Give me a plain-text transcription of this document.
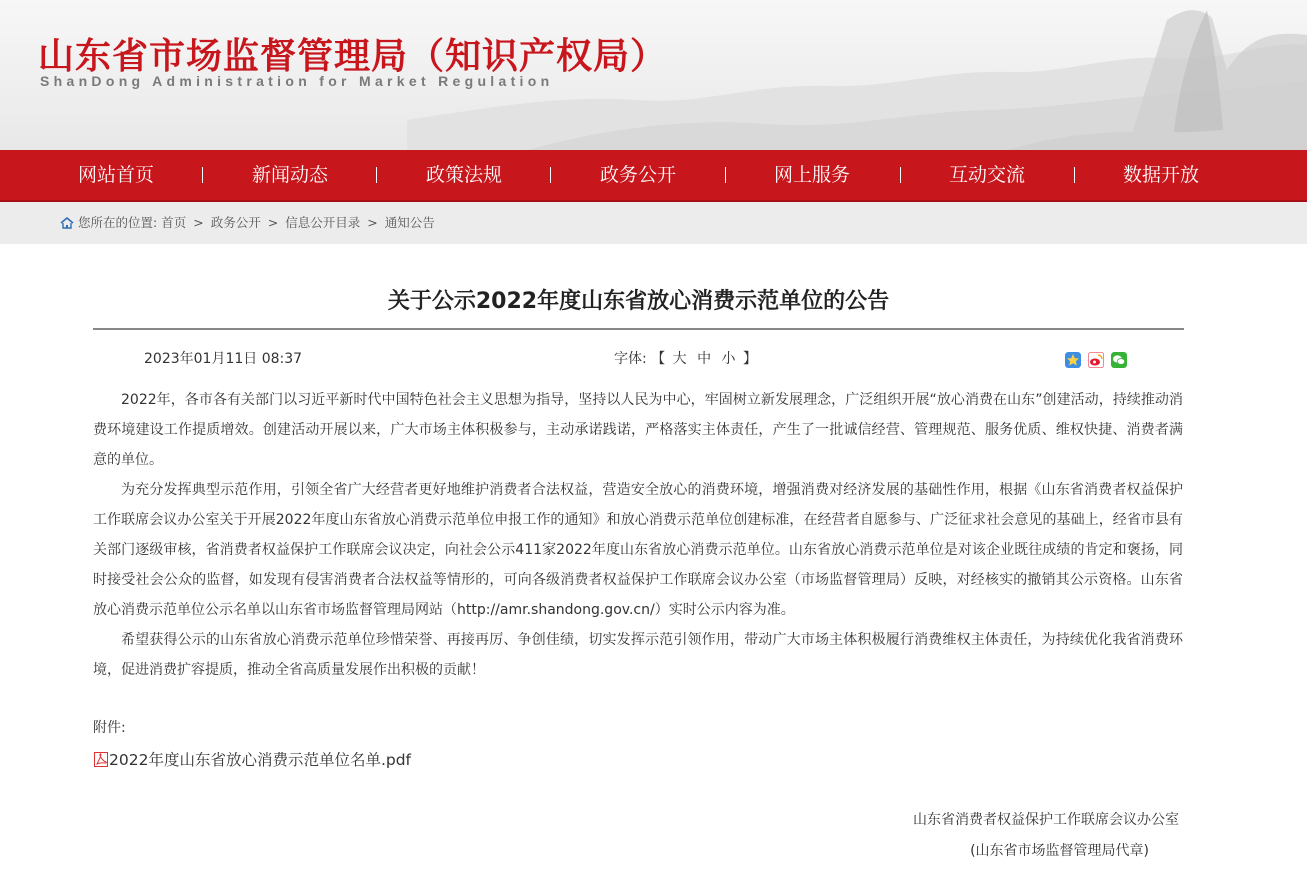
山东省市场监督管理局（知识产权局）
ShanDong Administration for Market Regulation
网站首页	新闻动态	政策法规	政务公开	网上服务	互动交流	数据开放
您所在的位置: 首页 > 政务公开 > 信息公开目录 > 通知公告
关于公示2022年度山东省放心消费示范单位的公告
2023年01月11日 08:37	字体: 【 大 中 小 】

2022年，各市各有关部门以习近平新时代中国特色社会主义思想为指导，坚持以人民为中心，牢固树立新发展理念，广泛组织开展“放心消费在山东”创建活动，持续推动消费环境建设工作提质增效。创建活动开展以来，广大市场主体积极参与，主动承诺践诺，严格落实主体责任，产生了一批诚信经营、管理规范、服务优质、维权快捷、消费者满意的单位。

为充分发挥典型示范作用，引领全省广大经营者更好地维护消费者合法权益，营造安全放心的消费环境，增强消费对经济发展的基础性作用，根据《山东省消费者权益保护工作联席会议办公室关于开展2022年度山东省放心消费示范单位申报工作的通知》和放心消费示范单位创建标准，在经营者自愿参与、广泛征求社会意见的基础上，经省市县有关部门逐级审核，省消费者权益保护工作联席会议决定，向社会公示411家2022年度山东省放心消费示范单位。山东省放心消费示范单位是对该企业既往成绩的肯定和褒扬，同时接受社会公众的监督，如发现有侵害消费者合法权益等情形的，可向各级消费者权益保护工作联席会议办公室（市场监督管理局）反映，对经核实的撤销其公示资格。山东省放心消费示范单位公示名单以山东省市场监督管理局网站（http://amr.shandong.gov.cn/）实时公示内容为准。

希望获得公示的山东省放心消费示范单位珍惜荣誉、再接再厉、争创佳绩，切实发挥示范引领作用，带动广大市场主体积极履行消费维权主体责任，为持续优化我省消费环境，促进消费扩容提质，推动全省高质量发展作出积极的贡献！

附件:
2022年度山东省放心消费示范单位名单.pdf
山东省消费者权益保护工作联席会议办公室
(山东省市场监督管理局代章)
